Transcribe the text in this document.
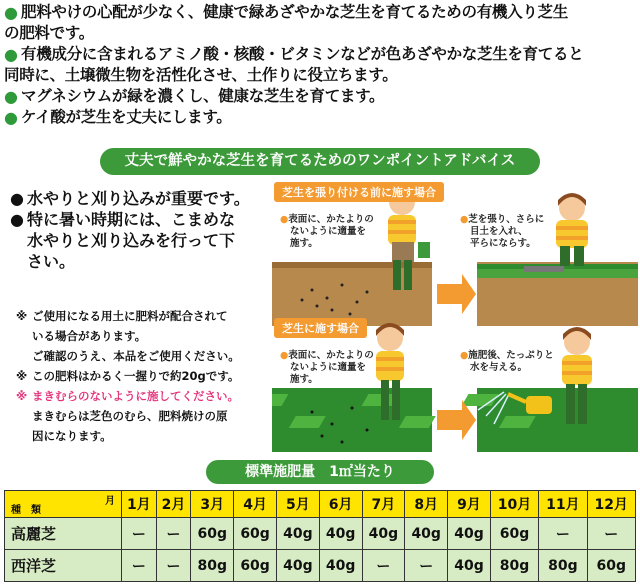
● 肥料やけの心配が少なく、健康で緑あざやかな芝生を育てるための有機入り芝生
の肥料です。
● 有機成分に含まれるアミノ酸・核酸・ビタミンなどが色あざやかな芝生を育てると
同時に、土壌微生物を活性化させ、土作りに役立ちます。
● マグネシウムが緑を濃くし、健康な芝生を育てます。
● ケイ酸が芝生を丈夫にします。
丈夫で鮮やかな芝生を育てるためのワンポイントアドバイス
● 水やりと刈り込みが重要です。
● 特に暑い時期には、こまめな
水やりと刈り込みを行って下
さい。
※ ご使用になる用土に肥料が配合されて
いる場合があります。
ご確認のうえ、本品をご使用ください。
※ この肥料はかるく一握りで約20gです。
※ まきむらのないように施してください。
まきむらは芝色のむら、肥料焼けの原
因になります。
芝生を張り付ける前に施す場合
芝生に施す場合
●表面に、かたよりの
ないように適量を
施す。
●芝を張り、さらに
目土を入れ、
平らにならす。
●表面に、かたよりの
ないように適量を
施す。
●施肥後、たっぷりと
水を与える。
標準施肥量　1㎡当たり
月
種　類	1月	2月	3月	4月	5月	6月	7月	8月	9月	10月	11月	12月
高麗芝	ー	ー	60g	60g	40g	40g	40g	40g	40g	60g	ー	ー
西洋芝	ー	ー	80g	60g	40g	40g	ー	ー	40g	80g	80g	60g
